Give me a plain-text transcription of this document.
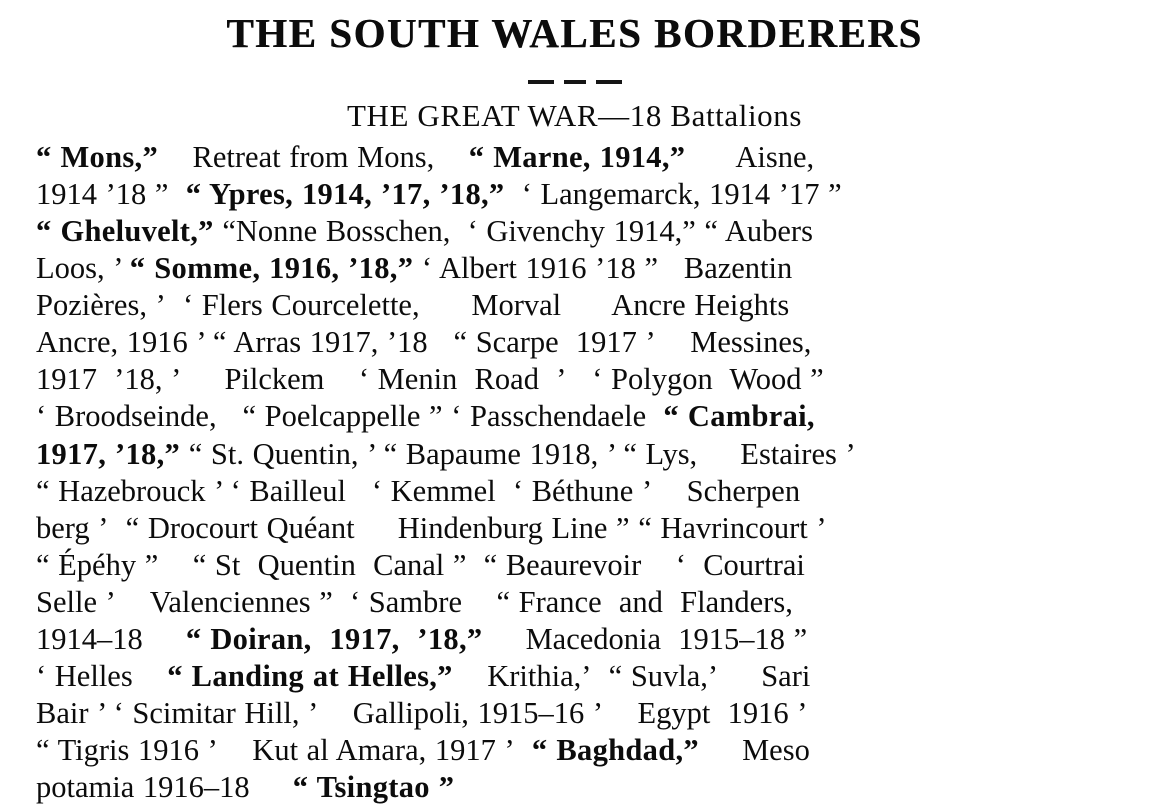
THE SOUTH WALES BORDERERS
THE GREAT WAR—18 Battalions
“ Mons,”    Retreat from Mons,    “ Marne, 1914,”      Aisne,
1914 ’18 ”  “ Ypres, 1914, ’17, ’18,”  ‘ Langemarck, 1914 ’17 ”
“ Gheluvelt,” “Nonne Bosschen,  ‘ Givenchy 1914,” “ Aubers
Loos, ’ “ Somme, 1916, ’18,” ‘ Albert 1916 ’18 ”   Bazentin
Pozières, ’  ‘ Flers Courcelette,      Morval      Ancre Heights
Ancre, 1916 ’ “ Arras 1917, ’18   “ Scarpe  1917 ’    Messines,
1917  ’18, ’     Pilckem    ‘ Menin  Road  ’   ‘ Polygon  Wood ”
‘ Broodseinde,   “ Poelcappelle ” ‘ Passchendaele  “ Cambrai,
1917, ’18,” “ St. Quentin, ’ “ Bapaume 1918, ’ “ Lys,     Estaires ’
“ Hazebrouck ’ ‘ Bailleul   ‘ Kemmel  ‘ Béthune ’    Scherpen
berg ’  “ Drocourt Quéant     Hindenburg Line ” “ Havrincourt ’
“ Épéhy ”    “ St  Quentin  Canal ”  “ Beaurevoir    ‘  Courtrai
Selle ’    Valenciennes ”  ‘ Sambre    “ France  and  Flanders,
1914–18     “ Doiran,  1917,  ’18,”     Macedonia  1915–18 ”
‘ Helles    “ Landing at Helles,”    Krithia,’  “ Suvla,’     Sari
Bair ’ ‘ Scimitar Hill, ’    Gallipoli, 1915–16 ’    Egypt  1916 ’
“ Tigris 1916 ’    Kut al Amara, 1917 ’  “ Baghdad,”     Meso
potamia 1916–18     “ Tsingtao ”
